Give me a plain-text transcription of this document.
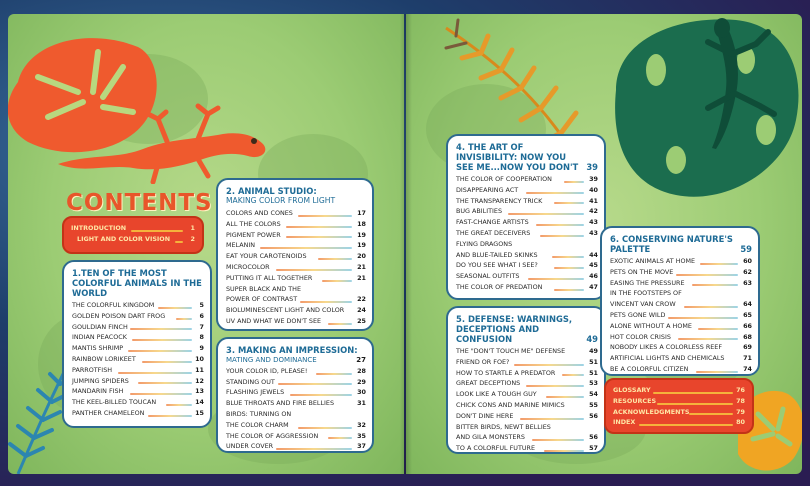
CONTENTS
INTRODUCTION	1
LIGHT AND COLOR VISION	2
1.TEN OF THE MOST COLORFUL ANIMALS IN THE WORLD
THE COLORFUL KINGDOM	5
GOLDEN POISON DART FROG	6
GOULDIAN FINCH	7
INDIAN PEACOCK	8
MANTIS SHRIMP	9
RAINBOW LORIKEET	10
PARROTFISH	11
JUMPING SPIDERS	12
MANDARIN FISH	13
THE KEEL-BILLED TOUCAN	14
PANTHER CHAMELEON	15
2. ANIMAL STUDIO:
MAKING COLOR FROM LIGHT
COLORS AND CONES	17
ALL THE COLORS	18
PIGMENT POWER	19
MELANIN	19
EAT YOUR CAROTENOIDS	20
MICROCOLOR	21
PUTTING IT ALL TOGETHER	21
SUPER BLACK AND THE
POWER OF CONTRAST	22
BIOLUMINESCENT LIGHT AND COLOR 24
UV AND WHAT WE DON'T SEE	25
3. MAKING AN IMPRESSION:
MATING AND DOMINANCE	27
YOUR COLOR ID, PLEASE!	28
STANDING OUT	29
FLASHING JEWELS	30
BLUE THROATS AND FIRE BELLIES	31
BIRDS: TURNING ON
THE COLOR CHARM	32
THE COLOR OF AGGRESSION	35
UNDER COVER	37
4. THE ART OF INVISIBILITY: NOW YOU SEE ME...NOW YOU DON'T 39
THE COLOR OF COOPERATION	39
DISAPPEARING ACT	40
THE TRANSPARENCY TRICK	41
BUG ABILITIES	42
FAST-CHANGE ARTISTS	43
THE GREAT DECEIVERS	43
FLYING DRAGONS
AND BLUE-TAILED SKINKS	44
DO YOU SEE WHAT I SEE?	45
SEASONAL OUTFITS	46
THE COLOR OF PREDATION	47
5. DEFENSE: WARNINGS, DECEPTIONS AND CONFUSION	49
THE "DON'T TOUCH ME" DEFENSE	49
FRIEND OR FOE?	51
HOW TO STARTLE A PREDATOR	51
GREAT DECEPTIONS	53
LOOK LIKE A TOUGH GUY	54
CHICK CONS AND MARINE MIMICS	55
DON'T DINE HERE	56
BITTER BIRDS, NEWT BELLIES
AND GILA MONSTERS	56
TO A COLORFUL FUTURE	57
6. CONSERVING NATURE'S PALETTE	59
EXOTIC ANIMALS AT HOME	60
PETS ON THE MOVE	62
EASING THE PRESSURE	63
IN THE FOOTSTEPS OF
VINCENT VAN CROW	64
PETS GONE WILD	65
ALONE WITHOUT A HOME	66
HOT COLOR CRISIS	68
NOBODY LIKES A COLORLESS REEF	69
ARTIFICIAL LIGHTS AND CHEMICALS	71
BE A COLORFUL CITIZEN	74
GLOSSARY	76
RESOURCES	78
ACKNOWLEDGMENTS	79
INDEX	80
